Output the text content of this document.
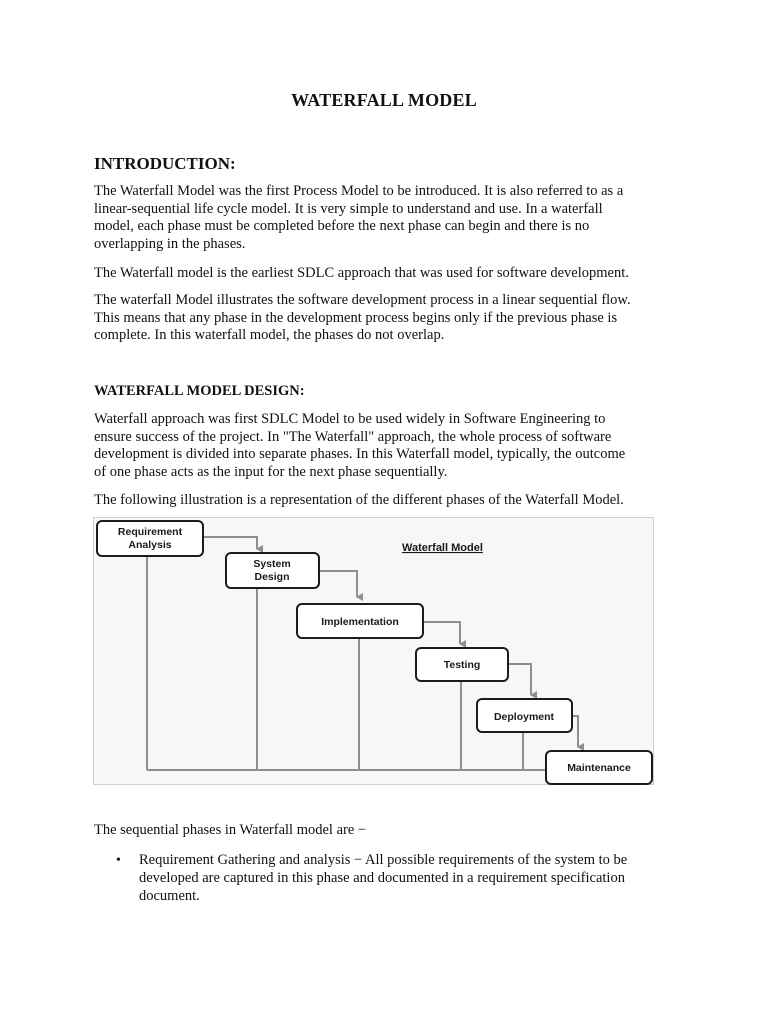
WATERFALL MODEL
INTRODUCTION:
The Waterfall Model was the first Process Model to be introduced. It is also referred to as a
linear-sequential life cycle model. It is very simple to understand and use. In a waterfall
model, each phase must be completed before the next phase can begin and there is no
overlapping in the phases.
The Waterfall model is the earliest SDLC approach that was used for software development.
The waterfall Model illustrates the software development process in a linear sequential flow.
This means that any phase in the development process begins only if the previous phase is
complete. In this waterfall model, the phases do not overlap.
WATERFALL MODEL DESIGN:
Waterfall approach was first SDLC Model to be used widely in Software Engineering to
ensure success of the project. In "The Waterfall" approach, the whole process of software
development is divided into separate phases. In this Waterfall model, typically, the outcome
of one phase acts as the input for the next phase sequentially.
The following illustration is a representation of the different phases of the Waterfall Model.
Waterfall Model
Requirement
Analysis
System
Design
Implementation
Testing
Deployment
Maintenance
The sequential phases in Waterfall model are −
• Requirement Gathering and analysis − All possible requirements of the system to be
developed are captured in this phase and documented in a requirement specification
document.
